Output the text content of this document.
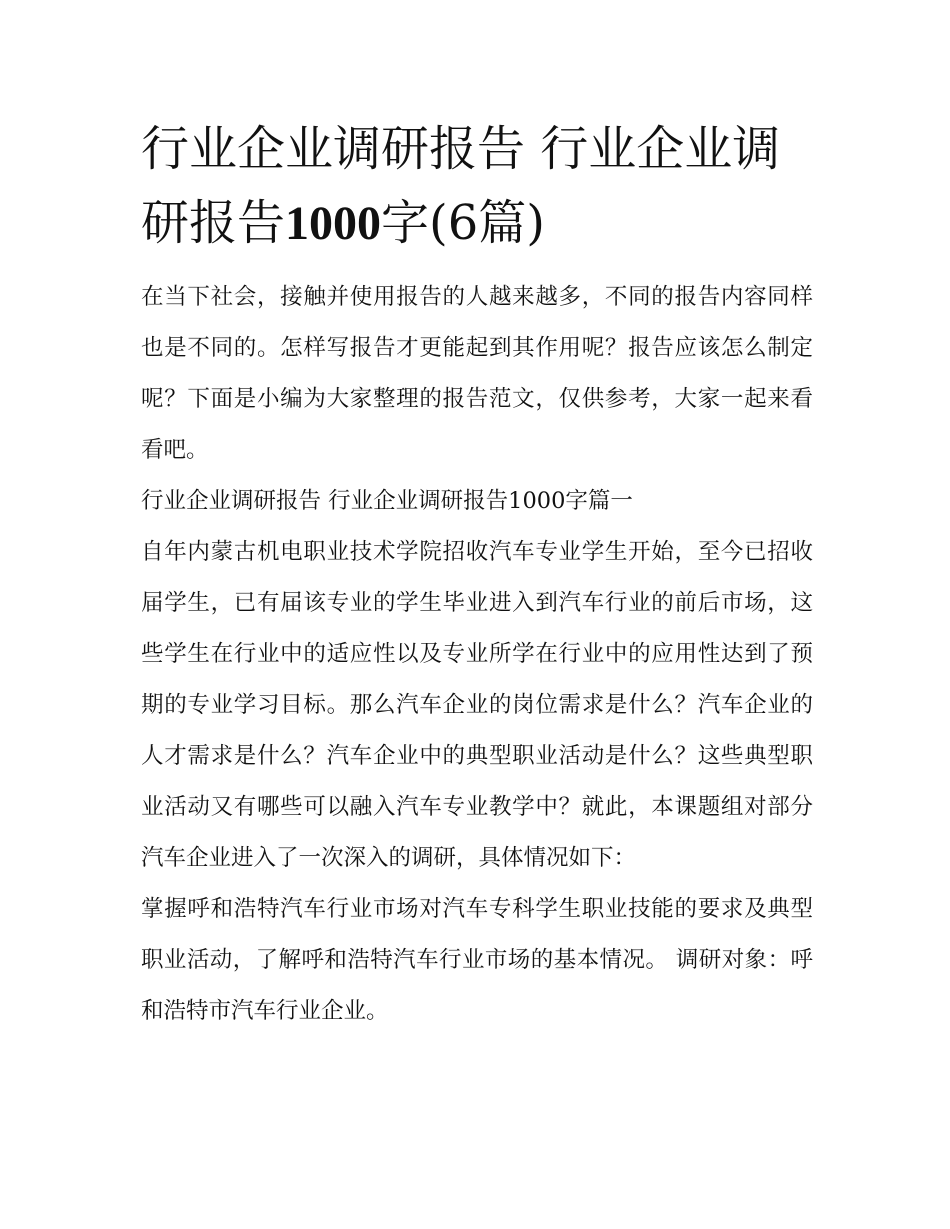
行业企业调研报告 行业企业调研报告1000字(6篇)

在当下社会，接触并使用报告的人越来越多，不同的报告内容同样也是不同的。怎样写报告才更能起到其作用呢？报告应该怎么制定呢？下面是小编为大家整理的报告范文，仅供参考，大家一起来看看吧。

行业企业调研报告 行业企业调研报告1000字篇一

自年内蒙古机电职业技术学院招收汽车专业学生开始，至今已招收届学生，已有届该专业的学生毕业进入到汽车行业的前后市场，这些学生在行业中的适应性以及专业所学在行业中的应用性达到了预期的专业学习目标。那么汽车企业的岗位需求是什么？汽车企业的人才需求是什么？汽车企业中的典型职业活动是什么？这些典型职业活动又有哪些可以融入汽车专业教学中？就此，本课题组对部分汽车企业进入了一次深入的调研，具体情况如下：

掌握呼和浩特汽车行业市场对汽车专科学生职业技能的要求及典型职业活动，了解呼和浩特汽车行业市场的基本情况。 调研对象：呼和浩特市汽车行业企业。
